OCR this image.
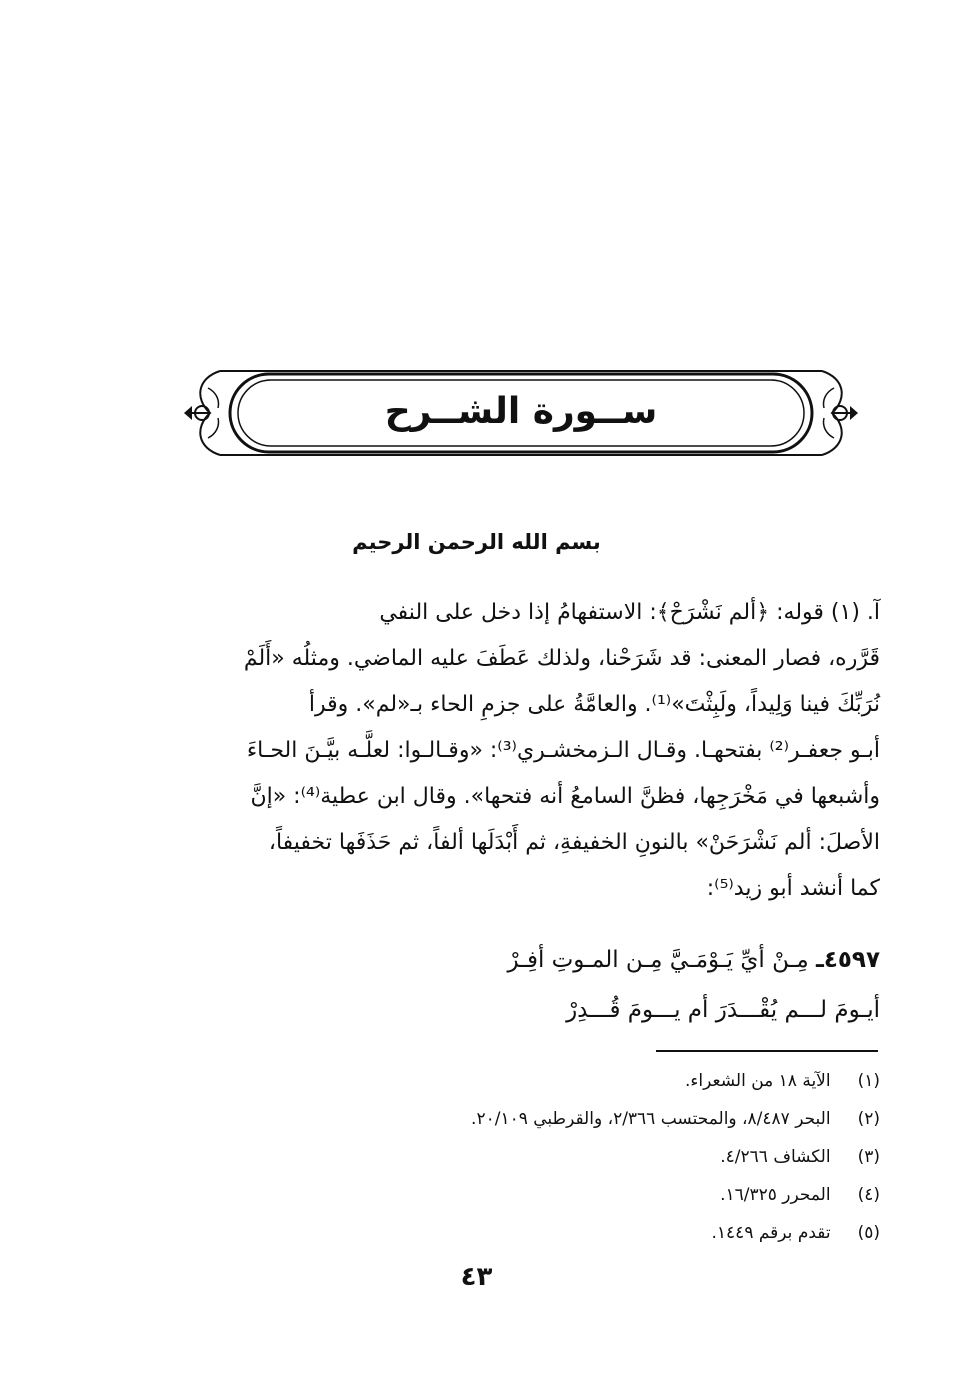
ســورة الشــرح
بسم الله الرحمن الرحيم
آ. (١) قوله: ﴿ألم نَشْرَحْ﴾: الاستفهامُ إذا دخل على النفي
قَرَّره، فصار المعنى: قد شَرَحْنا، ولذلك عَطَفَ عليه الماضي. ومثلُه «أَلَمْ
نُرَبِّكَ فينا وَلِيداً، ولَبِثْتَ»⁽¹⁾. والعامَّةُ على جزمِ الحاء بـ«لم». وقرأ
أبـو جعفـر⁽²⁾ بفتحهـا. وقـال الـزمخشـري⁽³⁾: «وقـالـوا: لعلَّـه بيَّـنَ الحـاءَ
وأشبعها في مَخْرَجِها، فظنَّ السامعُ أنه فتحها». وقال ابن عطية⁽⁴⁾: «إنَّ
الأصلَ: ألم نَشْرَحَنْ» بالنونِ الخفيفةِ، ثم أَبْدَلَها ألفاً، ثم حَذَفَها تخفيفاً،
كما أنشد أبو زيد⁽⁵⁾:
٤٥٩٧ـ مِـنْ أيِّ يَـوْمَـيَّ مِـن المـوتِ أفِـرْ
أيـومَ لـــم يُقْـــدَرَ أم يـــومَ قُـــدِرْ
(١) الآية ١٨ من الشعراء.
(٢) البحر ٨/٤٨٧، والمحتسب ٢/٣٦٦، والقرطبي ٢٠/١٠٩.
(٣) الكشاف ٤/٢٦٦.
(٤) المحرر ١٦/٣٢٥.
(٥) تقدم برقم ١٤٤٩.
٤٣
